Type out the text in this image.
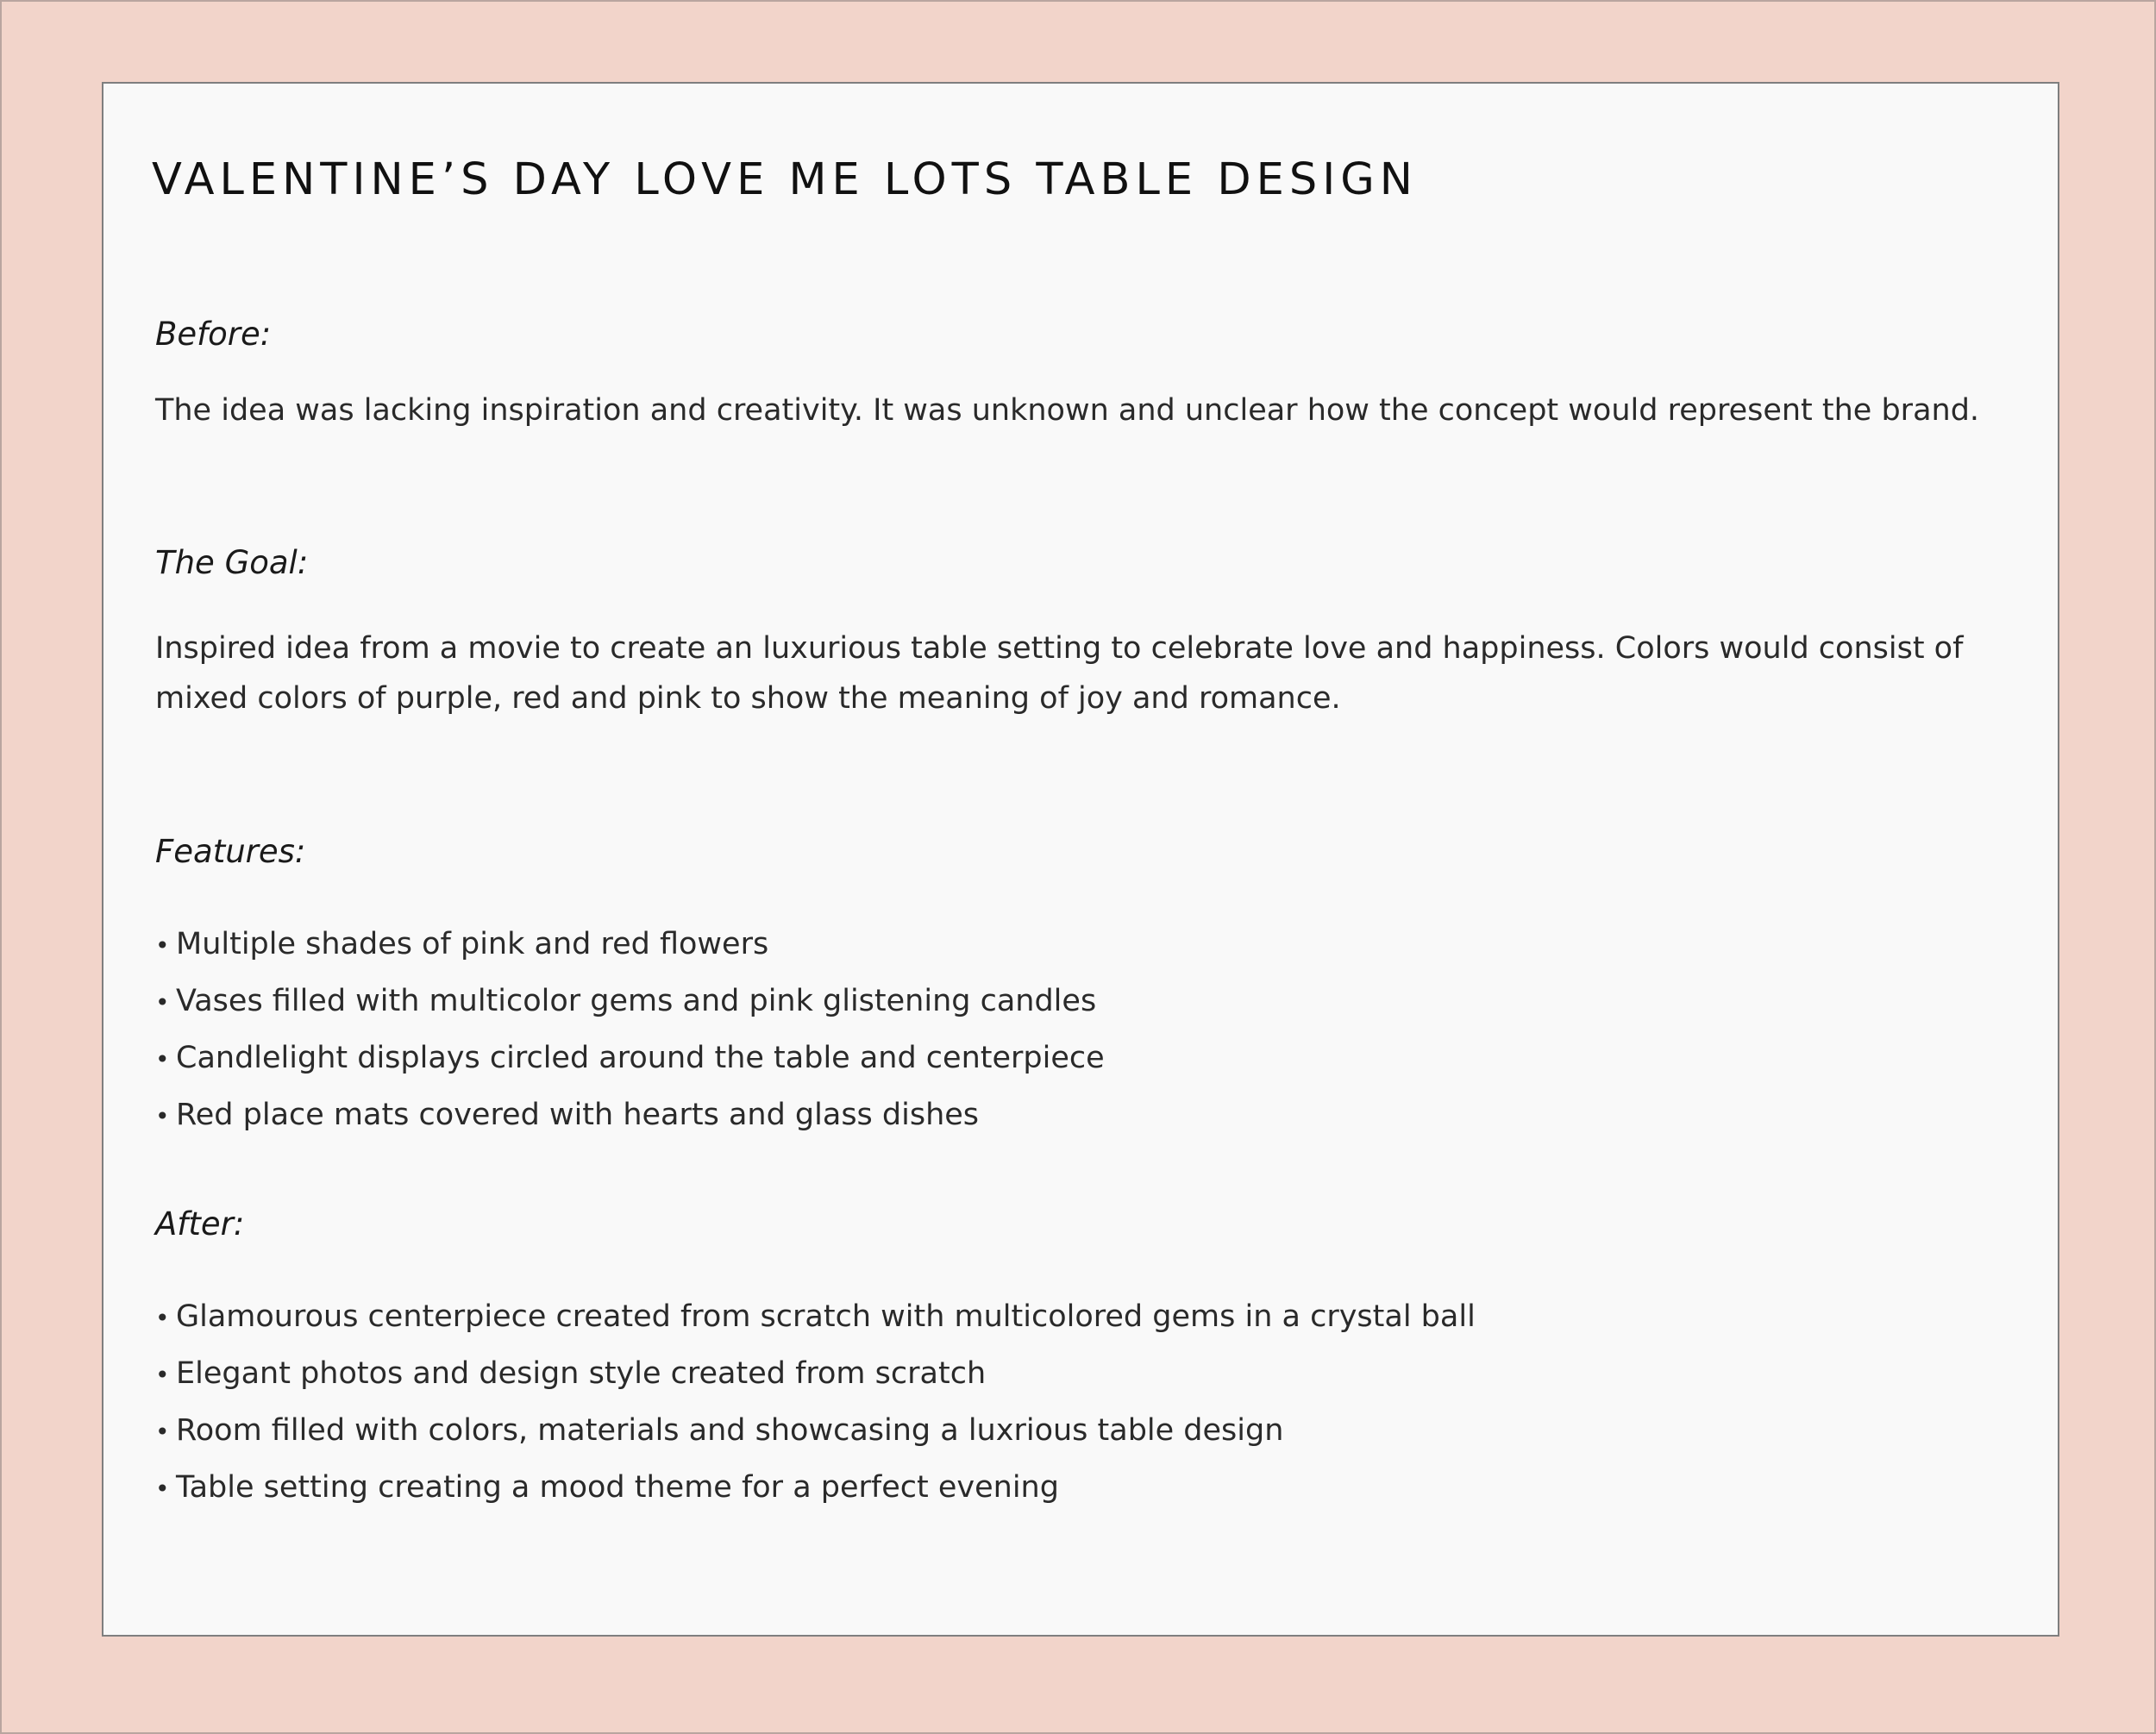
VALENTINE’S DAY LOVE ME LOTS TABLE DESIGN
Before:

The idea was lacking inspiration and creativity. It was unknown and unclear how the concept would represent the brand.

The Goal:

Inspired idea from a movie to create an luxurious table setting to celebrate love and happiness. Colors would consist of mixed colors of purple, red and pink to show the meaning of joy and romance.

Features:
• Multiple shades of pink and red flowers
• Vases filled with multicolor gems and pink glistening candles
• Candlelight displays circled around the table and centerpiece
• Red place mats covered with hearts and glass dishes
After:
• Glamourous centerpiece created from scratch with multicolored gems in a crystal ball
• Elegant photos and design style created from scratch
• Room filled with colors, materials and showcasing a luxrious table design
• Table setting creating a mood theme for a perfect evening
